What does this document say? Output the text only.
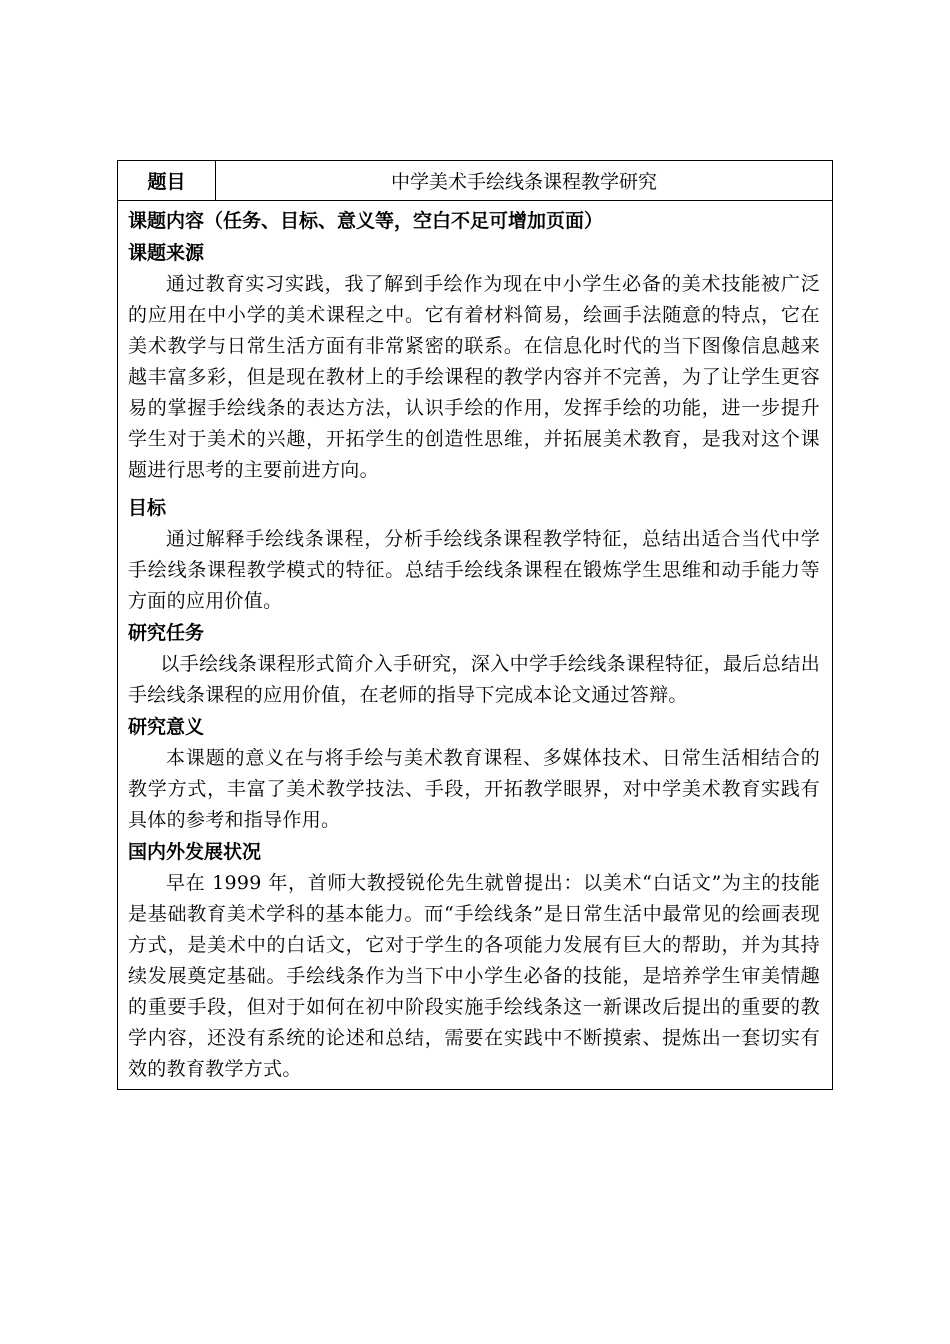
题目	中学美术手绘线条课程教学研究

课题内容（任务、目标、意义等，空白不足可增加页面）

课题来源

通过教育实习实践，我了解到手绘作为现在中小学生必备的美术技能被广泛的应用在中小学的美术课程之中。它有着材料简易，绘画手法随意的特点，它在美术教学与日常生活方面有非常紧密的联系。在信息化时代的当下图像信息越来越丰富多彩，但是现在教材上的手绘课程的教学内容并不完善，为了让学生更容易的掌握手绘线条的表达方法，认识手绘的作用，发挥手绘的功能，进一步提升学生对于美术的兴趣，开拓学生的创造性思维，并拓展美术教育，是我对这个课题进行思考的主要前进方向。

目标

通过解释手绘线条课程，分析手绘线条课程教学特征，总结出适合当代中学手绘线条课程教学模式的特征。总结手绘线条课程在锻炼学生思维和动手能力等方面的应用价值。

研究任务

以手绘线条课程形式简介入手研究，深入中学手绘线条课程特征，最后总结出手绘线条课程的应用价值，在老师的指导下完成本论文通过答辩。

研究意义

本课题的意义在与将手绘与美术教育课程、多媒体技术、日常生活相结合的教学方式，丰富了美术教学技法、手段，开拓教学眼界，对中学美术教育实践有具体的参考和指导作用。

国内外发展状况

早在 1999 年，首师大教授锐伦先生就曾提出：以美术“白话文”为主的技能是基础教育美术学科的基本能力。而“手绘线条”是日常生活中最常见的绘画表现方式，是美术中的白话文，它对于学生的各项能力发展有巨大的帮助，并为其持续发展奠定基础。手绘线条作为当下中小学生必备的技能，是培养学生审美情趣的重要手段，但对于如何在初中阶段实施手绘线条这一新课改后提出的重要的教学内容，还没有系统的论述和总结，需要在实践中不断摸索、提炼出一套切实有效的教育教学方式。
